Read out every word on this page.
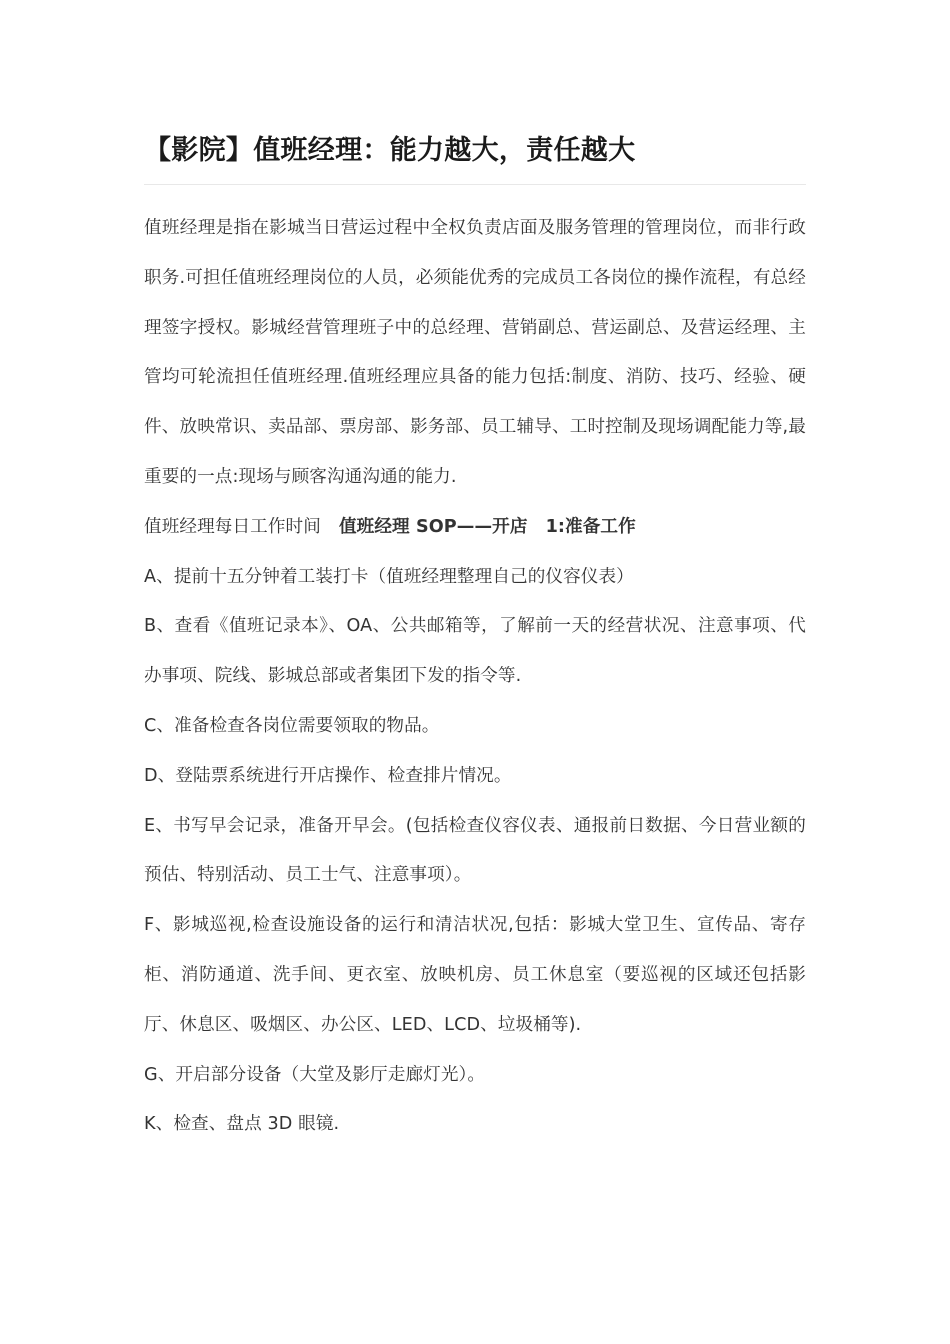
【影院】值班经理：能力越大，责任越大

值班经理是指在影城当日营运过程中全权负责店面及服务管理的管理岗位，而非行政职务.可担任值班经理岗位的人员，必须能优秀的完成员工各岗位的操作流程，有总经理签字授权。影城经营管理班子中的总经理、营销副总、营运副总、及营运经理、主管均可轮流担任值班经理.值班经理应具备的能力包括:制度、消防、技巧、经验、硬件、放映常识、卖品部、票房部、影务部、员工辅导、工时控制及现场调配能力等,最重要的一点:现场与顾客沟通沟通的能力.

值班经理每日工作时间 值班经理 SOP——开店 1:准备工作

A、提前十五分钟着工装打卡（值班经理整理自己的仪容仪表）

B、查看《值班记录本》、OA、公共邮箱等，了解前一天的经营状况、注意事项、代办事项、院线、影城总部或者集团下发的指令等.

C、准备检查各岗位需要领取的物品。

D、登陆票系统进行开店操作、检查排片情况。

E、书写早会记录，准备开早会。(包括检查仪容仪表、通报前日数据、今日营业额的预估、特别活动、员工士气、注意事项）。

F、影城巡视,检查设施设备的运行和清洁状况,包括：影城大堂卫生、宣传品、寄存柜、消防通道、洗手间、更衣室、放映机房、员工休息室（要巡视的区域还包括影厅、休息区、吸烟区、办公区、LED、LCD、垃圾桶等).

G、开启部分设备（大堂及影厅走廊灯光）。

K、检查、盘点 3D 眼镜.
